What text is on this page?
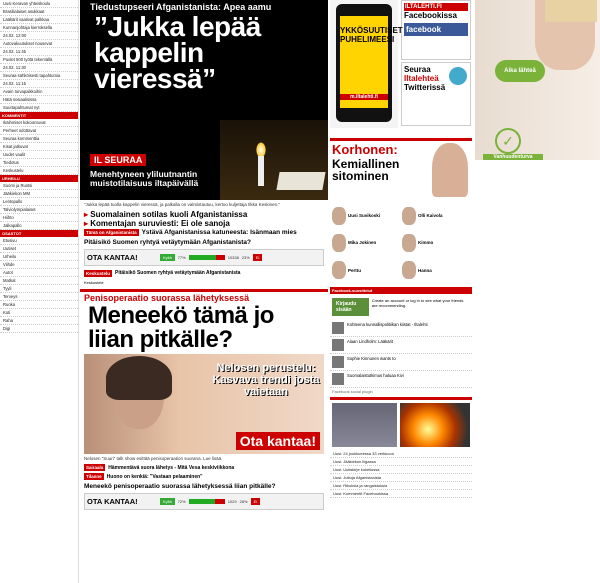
Uusi Keravan yhteiskoulu
Brasilialaiset asukkaat
Lääkärit vaativat palkkaa
Kunnanjohtaja kierroksella
24.02. 12:00
Autovakuutukset nousevat
24.02. 11:45
Puolet 500 työtä tekemällä
24.02. 11:30
Seuraa sähköisesti tapahtumia
24.02. 11:15
Avain turvapaikkoihin
Hätä sosiaalisissa
Suurtapahtumat nyt
KOMMENTIT
Ikäihmiset kokoontuvat
Perheet odottavat
Seuraa kommenttia
Kisat jatkuvat
Uudet vaalit
Tiedotus
Keskustelu
URHEILU
Suomi ja Ruotsi
Jääkiekon MM
Lentopallo
Talviolympialaiset
Hiihto
Jalkapallo
OSASTOT
Etusivu
Uutiset
Urheilu
Viihde
Autot
Matkat
Tyyli
Terveys
Ruoka
Koti
Raha
Digi
Tiedustupseeri Afganistanista: Apea aamu
”Jukka lepää kappelin vieressä”
IL SEURAA
Menehtyneen yliluutnantin muistotilaisuus iltapäivällä
”Jukka lepää tuolla kappelin vieressä, ja palkalla on valmistautuu, kertoo kuljettaja Ilkka Keskinen.”
▸ Suomalainen sotilas kuoli Afganistanissa
▸ Komentajan suruviesti: Ei ole sanoja
Tämä on Afganistanista Ystävä Afganistanissa katuneesta: Isänmaan mies
Pitäisikö Suomen ryhtyä vetäytymään Afganistanista?
OTA KANTAA!	Kyllä	77%	10338 23%	Ei
Keskustelu	Pitäisikö Suomen ryhtyä vetäytymään Afganistanista
Keskustele
Penisoperaatio suorassa lähetyksessä
Meneekö tämä jo liian pitkälle?
Nelosen perustelu: Kasvava trendi josta vaietaan
Ota kantaa!
Nelosen ”Suuri” talk show esittää penisoperaation suorana. Lue lisää.
Sairaala	Hämmentävä suora lähetys - Mitä Vesa keskiviikkona
Tilanne	Huono on kenkiä: "Vastaan pelaaminen"
Meneekö penisoperaatio suorassa lähetyksessä liian pitkälle?
OTA KANTAA!	Kyllä	72%	1029 28%	Ei
YKKÖSUUTISET PUHELIMEESI
m.iltalehti.fi
ILTALEHTI.FI
Facebookissa
facebook
Seuraa
Iltalehteä
Twitterissä
Korhonen:
Kemiallinen sitominen
Uusi Suvikoski	Olli Kaivola
Mika Jokinen	Kimmo
Perttu	Hanna
Facebook-suosittelut
Kirjaudu sisään
Create an account or log in to see what your friends are recommending.
Kohteena kunnallispolitiikan kiistat - Iltalehti
Alaan Lindholm: Lääkärit
Sophie Kinnunen wants to
Suomalaistutkimus haluaa Kivi
Facebook social plugin
Uusi: 24 joukkueessa 33 verkkoon
Uusi: Jääkiekon liigassa
Uusi: Uutiskirje kokeilussa
Uusi: Juttuja Afganistanista
Uusi: Rikoksia ja rangaistuksia
Uusi: Kommentit Facebookissa
Aika lähteä
✓
Vanhuudenturva
